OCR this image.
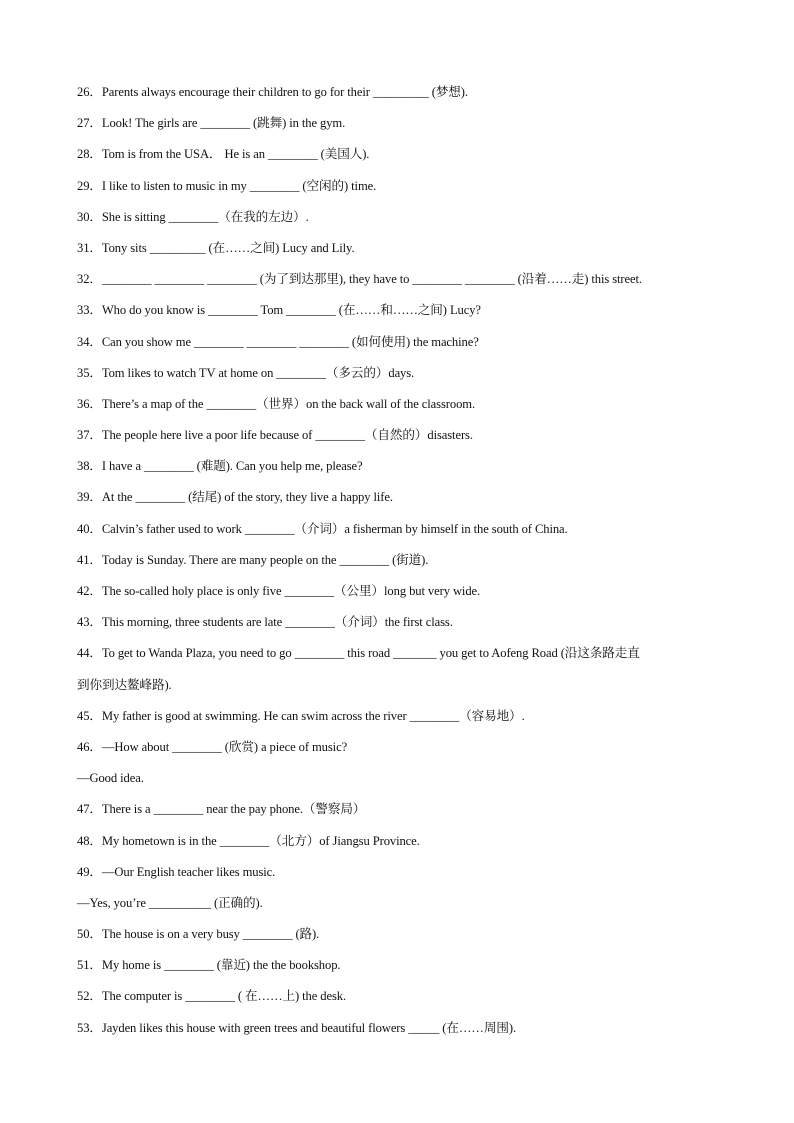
26．Parents always encourage their children to go for their _________ (梦想).
27．Look! The girls are ________ (跳舞) in the gym.
28．Tom is from the USA． He is an ________ (美国人).
29．I like to listen to music in my ________ (空闲的) time.
30．She is sitting ________（在我的左边）.
31．Tony sits _________ (在……之间) Lucy and Lily.
32．________ ________ ________ (为了到达那里), they have to ________ ________ (沿着……走) this street.
33．Who do you know is ________ Tom ________ (在……和……之间) Lucy?
34．Can you show me ________ ________ ________ (如何使用) the machine?
35．Tom likes to watch TV at home on ________（多云的）days.
36．There’s a map of the ________（世界）on the back wall of the classroom.
37．The people here live a poor life because of ________（自然的）disasters.
38．I have a ________ (难题). Can you help me, please?
39．At the ________ (结尾) of the story, they live a happy life.
40．Calvin’s father used to work ________（介词）a fisherman by himself in the south of China.
41．Today is Sunday. There are many people on the ________ (街道).
42．The so-called holy place is only five ________（公里）long but very wide.
43．This morning, three students are late ________（介词）the first class.
44．To get to Wanda Plaza, you need to go ________ this road _______ you get to Aofeng Road (沿这条路走直
到你到达鳌峰路).
45．My father is good at swimming. He can swim across the river ________（容易地）.
46．—How about ________ (欣赏) a piece of music?
—Good idea.
47．There is a ________ near the pay phone.（警察局）
48．My hometown is in the ________（北方）of Jiangsu Province.
49．—Our English teacher likes music.
—Yes, you’re __________ (正确的).
50．The house is on a very busy ________ (路).
51．My home is ________ (靠近) the the bookshop.
52．The computer is ________ ( 在……上) the desk.
53．Jayden likes this house with green trees and beautiful flowers _____ (在……周围).
